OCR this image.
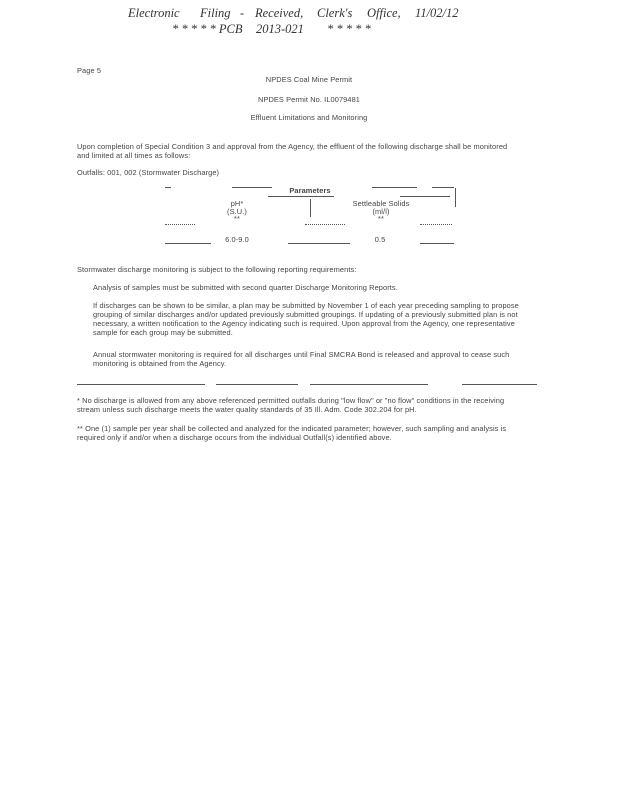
Electronic Filing - Received, Clerk's Office, 11/02/12
* * * * * PCB 2013-021 * * * * *
Page 5
NPDES Coal Mine Permit
NPDES Permit No. IL0079481
Effluent Limitations and Monitoring
Upon completion of Special Condition 3 and approval from the Agency, the effluent of the following discharge shall be monitored
and limited at all times as follows:
Outfalls: 001, 002 (Stormwater Discharge)
Parameters
pH*
(S.U.)
**
Settleable Solids
(ml/l)
**
6.0-9.0	0.5
Stormwater discharge monitoring is subject to the following reporting requirements:
Analysis of samples must be submitted with second quarter Discharge Monitoring Reports.
If discharges can be shown to be similar, a plan may be submitted by November 1 of each year preceding sampling to propose
grouping of similar discharges and/or updated previously submitted groupings. If updating of a previously submitted plan is not
necessary, a written notification to the Agency indicating such is required. Upon approval from the Agency, one representative
sample for each group may be submitted.
Annual stormwater monitoring is required for all discharges until Final SMCRA Bond is released and approval to cease such
monitoring is obtained from the Agency.
* No discharge is allowed from any above referenced permitted outfalls during "low flow" or "no flow" conditions in the receiving
stream unless such discharge meets the water quality standards of 35 Ill. Adm. Code 302.204 for pH.
** One (1) sample per year shall be collected and analyzed for the indicated parameter; however, such sampling and analysis is
required only if and/or when a discharge occurs from the individual Outfall(s) identified above.
